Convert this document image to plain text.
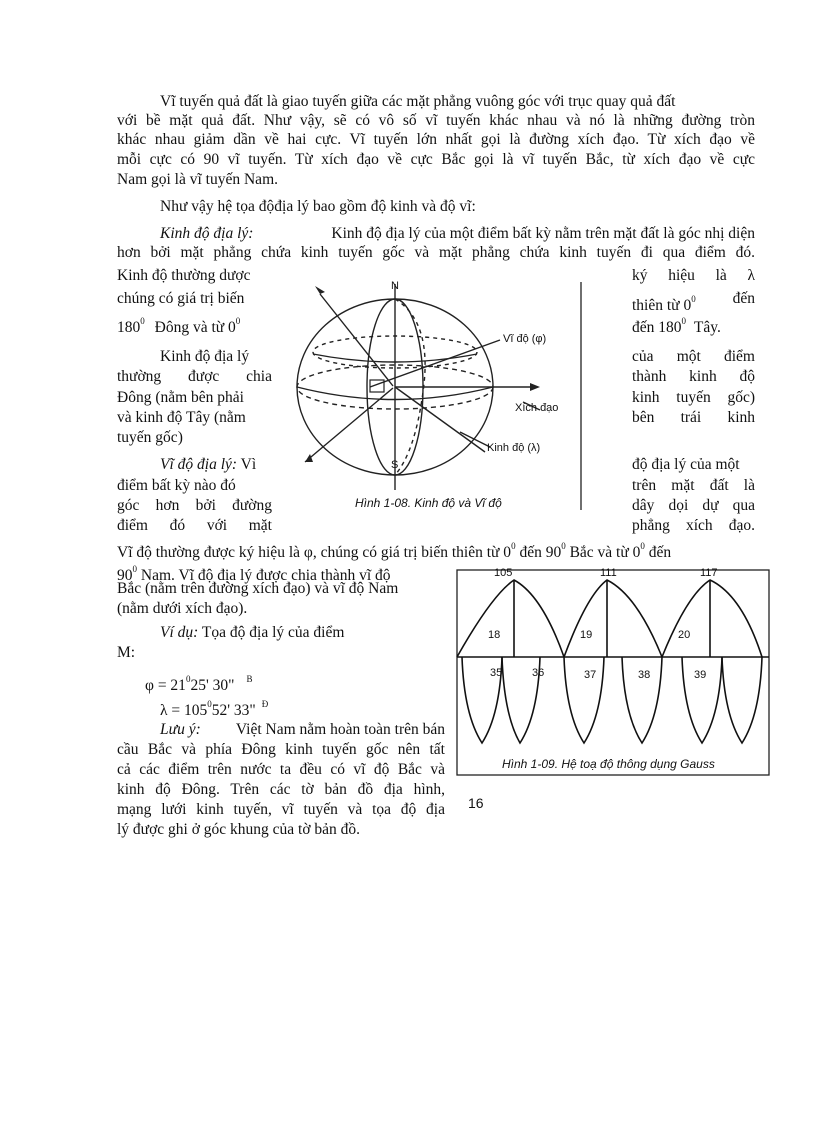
Vĩ tuyến quả đất là giao tuyến giữa các mặt phẳng vuông góc với trục quay quả đất
với bề mặt quả đất. Như vậy, sẽ có vô số vĩ tuyến khác nhau và nó là những đường tròn
khác nhau giảm dần về hai cực. Vĩ tuyến lớn nhất gọi là đường xích đạo. Từ xích đạo về
mỗi cực có 90 vĩ tuyến. Từ xích đạo về cực Bắc gọi là vĩ tuyến Bắc, từ xích đạo về cực
Nam gọi là vĩ tuyến Nam.
Như vậy hệ tọa độđịa lý bao gồm độ kinh và độ vĩ:
Kinh độ địa lý:	Kinh độ địa lý của một điểm bất kỳ nằm trên mặt đất là góc nhị diện
hơn bởi mặt phẳng chứa kinh tuyến gốc và mặt phẳng chứa kinh tuyến đi qua điểm đó.
Kinh độ thường dược
chúng có giá trị biến
$180^0$ Đông và từ $0^0$
ký hiệu là λ
thiên từ $0^0$ đến
đến $180^0$ Tây.
Kinh độ địa lý
thường được chia
Đông (nằm bên phải
và kinh độ Tây (nằm
tuyến gốc)
của một điểm
thành kinh độ
kinh tuyến gốc)
bên trái kinh
Vĩ độ địa lý: Vì
điểm bất kỳ nào đó
góc hơn bởi đường
điểm đó với mặt
độ địa lý của một
trên mặt đất là
dây dọi dự qua
phẳng xích đạo.
Vĩ độ thường được ký hiệu là φ, chúng có giá trị biến thiên từ $0^0$ đến $90^0$ Bắc và từ $0^0$ đến
$90^0$ Nam. Vĩ độ địa lý được chia thành vĩ độ
Bắc (nằm trên đường xích đạo) và vĩ độ Nam
(nằm dưới xích đạo).
Ví dụ: Tọa độ địa lý của điểm
M:
$\varphi = 21^025'$ 30" $^B$
$\lambda = 105^052'$ 33" $^Đ$
Lưu ý: Việt Nam nằm hoàn toàn trên bán
cầu Bắc và phía Đông kinh tuyến gốc nên tất
cả các điểm trên nước ta đều có vĩ độ Bắc và
kinh độ Đông. Trên các tờ bản đồ địa hình,
mạng lưới kinh tuyến, vĩ tuyến và tọa độ địa
lý được ghi ở góc khung của tờ bản đồ.
16
N
S
Vĩ độ (φ)
Xích đạo
Kinh độ (λ)
Hình 1-08. Kinh độ và Vĩ độ
105	111	117
18	19	20
35	36	37	38	39
Hình 1-09. Hệ toạ độ thông dụng Gauss
